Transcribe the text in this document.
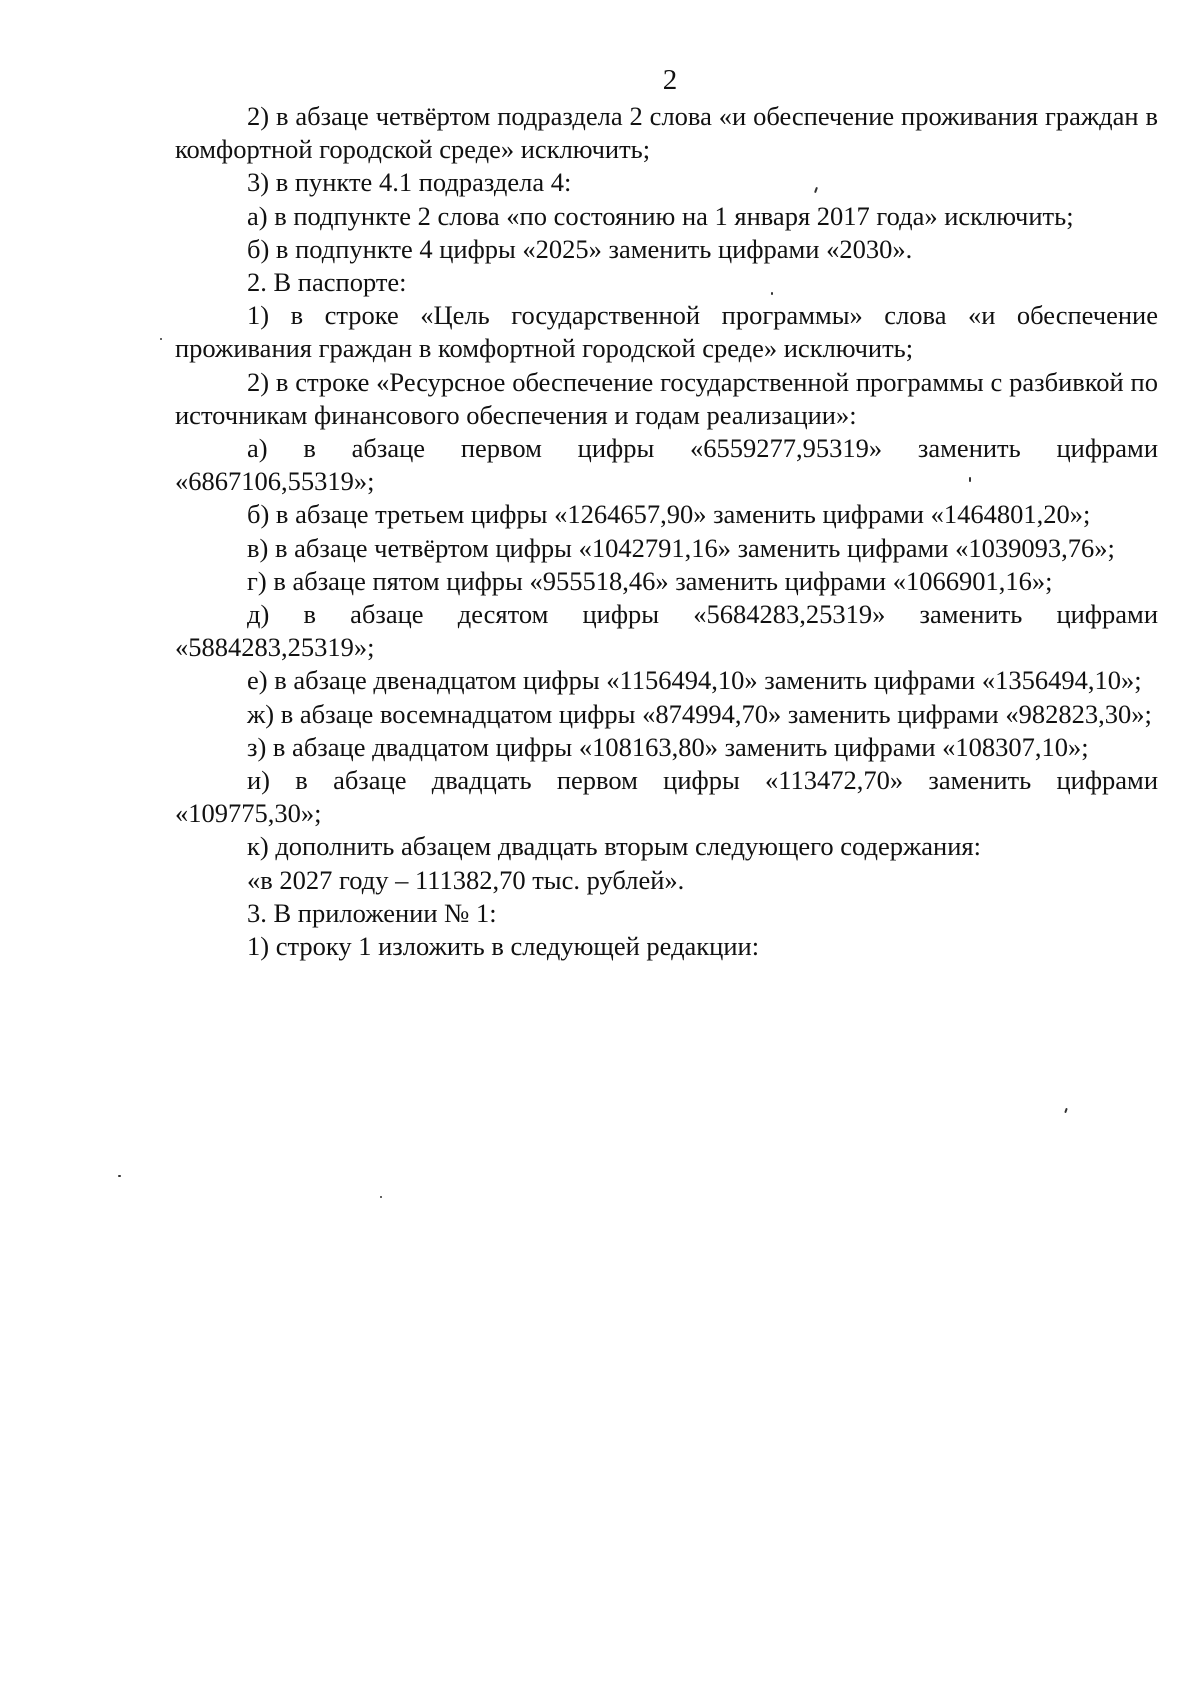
2

2) в абзаце четвёртом подраздела 2 слова «и обеспечение проживания граждан в комфортной городской среде» исключить;

3) в пункте 4.1 подраздела 4:

а) в подпункте 2 слова «по состоянию на 1 января 2017 года» исключить;

б) в подпункте 4 цифры «2025» заменить цифрами «2030».

2. В паспорте:

1) в строке «Цель государственной программы» слова «и обеспечение проживания граждан в комфортной городской среде» исключить;

2) в строке «Ресурсное обеспечение государственной программы с разбивкой по источникам финансового обеспечения и годам реализации»:

а) в абзаце первом цифры «6559277,95319» заменить цифрами «6867106,55319»;

б) в абзаце третьем цифры «1264657,90» заменить цифрами «1464801,20»;

в) в абзаце четвёртом цифры «1042791,16» заменить цифрами «1039093,76»;

г) в абзаце пятом цифры «955518,46» заменить цифрами «1066901,16»;

д) в абзаце десятом цифры «5684283,25319» заменить цифрами «5884283,25319»;

е) в абзаце двенадцатом цифры «1156494,10» заменить цифрами «1356494,10»;

ж) в абзаце восемнадцатом цифры «874994,70» заменить цифрами «982823,30»;

з) в абзаце двадцатом цифры «108163,80» заменить цифрами «108307,10»;

и) в абзаце двадцать первом цифры «113472,70» заменить цифрами «109775,30»;

к) дополнить абзацем двадцать вторым следующего содержания:

«в 2027 году – 111382,70 тыс. рублей».

3. В приложении № 1:

1) строку 1 изложить в следующей редакции:
